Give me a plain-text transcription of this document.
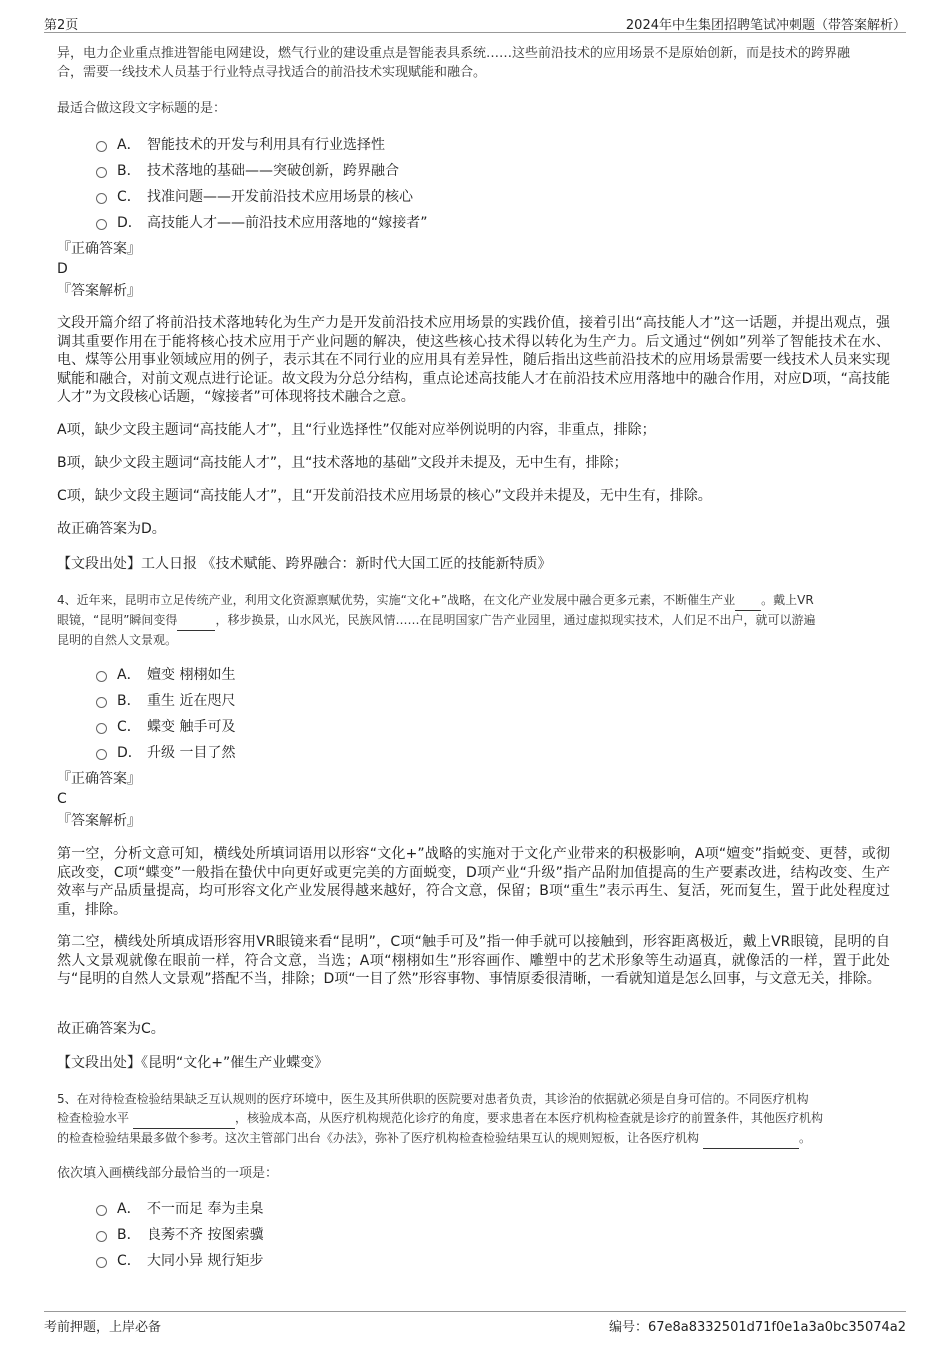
第2页	2024年中生集团招聘笔试冲刺题（带答案解析）
异，电力企业重点推进智能电网建设，燃气行业的建设重点是智能表具系统……这些前沿技术的应用场景不是原始创新，而是技术的跨界融
合，需要一线技术人员基于行业特点寻找适合的前沿技术实现赋能和融合。
最适合做这段文字标题的是：
A． 智能技术的开发与利用具有行业选择性
B． 技术落地的基础——突破创新，跨界融合
C． 找准问题——开发前沿技术应用场景的核心
D． 高技能人才——前沿技术应用落地的“嫁接者”
『正确答案』
D
『答案解析』
文段开篇介绍了将前沿技术落地转化为生产力是开发前沿技术应用场景的实践价值，接着引出“高技能人才”这一话题，并提出观点，强调其重要作用在于能将核心技术应用于产业问题的解决，使这些核心技术得以转化为生产力。后文通过“例如”列举了智能技术在水、电、煤等公用事业领域应用的例子，表示其在不同行业的应用具有差异性，随后指出这些前沿技术的应用场景需要一线技术人员来实现赋能和融合，对前文观点进行论证。故文段为分总分结构，重点论述高技能人才在前沿技术应用落地中的融合作用，对应D项，“高技能人才”为文段核心话题，“嫁接者”可体现将技术融合之意。
A项，缺少文段主题词“高技能人才”，且“行业选择性”仅能对应举例说明的内容，非重点，排除；
B项，缺少文段主题词“高技能人才”，且“技术落地的基础”文段并未提及，无中生有，排除；
C项，缺少文段主题词“高技能人才”，且“开发前沿技术应用场景的核心”文段并未提及，无中生有，排除。
故正确答案为D。
【文段出处】工人日报 《技术赋能、跨界融合：新时代大国工匠的技能新特质》
4、近年来，昆明市立足传统产业，利用文化资源禀赋优势，实施“文化+”战略，在文化产业发展中融合更多元素，不断催生产业 。戴上VR
眼镜，“昆明”瞬间变得	，移步换景，山水风光，民族风情……在昆明国家广告产业园里，通过虚拟现实技术，人们足不出户，就可以游遍
昆明的自然人文景观。
A． 嬗变 栩栩如生
B． 重生 近在咫尺
C． 蝶变 触手可及
D． 升级 一目了然
『正确答案』
C
『答案解析』
第一空，分析文意可知，横线处所填词语用以形容“文化+”战略的实施对于文化产业带来的积极影响，A项“嬗变”指蜕变、更替，或彻底改变，C项“蝶变”一般指在蛰伏中向更好或更完美的方面蜕变，D项产业“升级”指产品附加值提高的生产要素改进，结构改变、生产效率与产品质量提高，均可形容文化产业发展得越来越好，符合文意，保留；B项“重生”表示再生、复活，死而复生，置于此处程度过重，排除。
第二空，横线处所填成语形容用VR眼镜来看“昆明”，C项“触手可及”指一伸手就可以接触到，形容距离极近，戴上VR眼镜，昆明的自然人文景观就像在眼前一样，符合文意，当选；A项“栩栩如生”形容画作、雕塑中的艺术形象等生动逼真，就像活的一样，置于此处与“昆明的自然人文景观”搭配不当，排除；D项“一目了然”形容事物、事情原委很清晰，一看就知道是怎么回事，与文意无关，排除。
故正确答案为C。
【文段出处】《昆明“文化+”催生产业蝶变》
5、在对待检查检验结果缺乏互认规则的医疗环境中，医生及其所供职的医院要对患者负责，其诊治的依据就必须是自身可信的。不同医疗机构
检查检验水平	，核验成本高，从医疗机构规范化诊疗的角度，要求患者在本医疗机构检查就是诊疗的前置条件，其他医疗机构
的检查检验结果最多做个参考。这次主管部门出台《办法》，弥补了医疗机构检查检验结果互认的规则短板，让各医疗机构	。
依次填入画横线部分最恰当的一项是：
A． 不一而足 奉为圭臬
B． 良莠不齐 按图索骥
C． 大同小异 规行矩步
考前押题，上岸必备	编号：67e8a8332501d71f0e1a3a0bc35074a2
